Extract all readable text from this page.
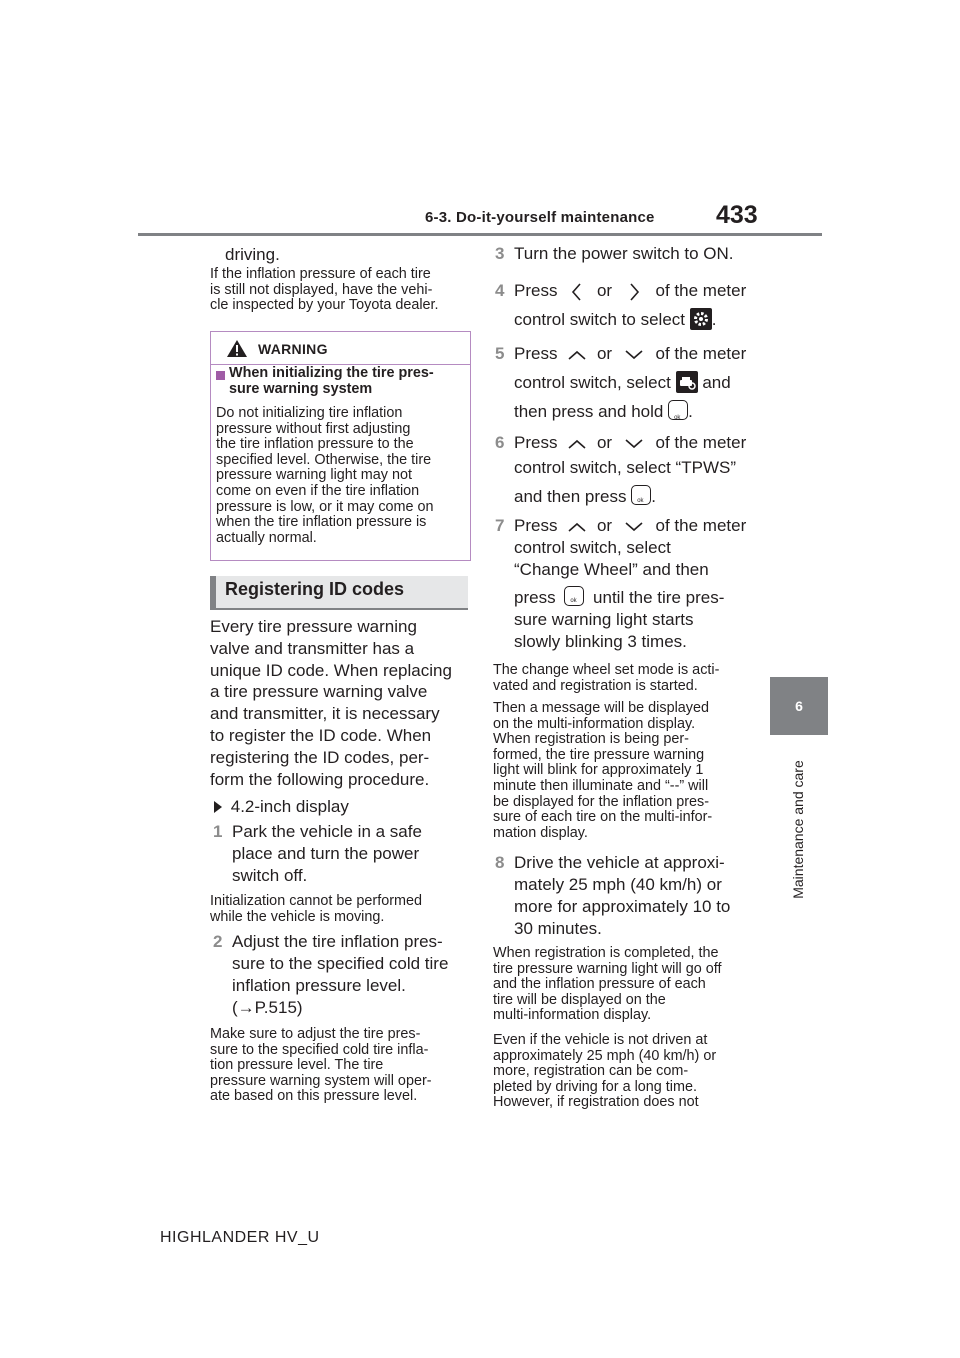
6-3. Do-it-yourself maintenance 433
6
Maintenance and care
driving.
If the inflation pressure of each tire
is still not displayed, have the vehi-
cle inspected by your Toyota dealer.
WARNING
When initializing the tire pres-
sure warning system
Do not initializing tire inflation
pressure without first adjusting
the tire inflation pressure to the
specified level. Otherwise, the tire
pressure warning light may not
come on even if the tire inflation
pressure is low, or it may come on
when the tire inflation pressure is
actually normal.
Registering ID codes
Every tire pressure warning
valve and transmitter has a
unique ID code. When replacing
a tire pressure warning valve
and transmitter, it is necessary
to register the ID code. When
registering the ID codes, per-
form the following procedure.
4.2-inch display
1 Park the vehicle in a safe
place and turn the power
switch off.
Initialization cannot be performed
while the vehicle is moving.
2 Adjust the tire inflation pres-
sure to the specified cold tire
inflation pressure level.
(→P.515)
Make sure to adjust the tire pres-
sure to the specified cold tire infla-
tion pressure level. The tire
pressure warning system will oper-
ate based on this pressure level.
3 Turn the power switch to ON.
4 Press or	of the meter
control switch to select .
5 Press or	of the meter
control switch, select and
then press and hold ok .
6 Press or	of the meter
control switch, select “TPWS”
and then press ok .
7 Press or	of the meter
control switch, select
“Change Wheel” and then
press ok until the tire pres-
sure warning light starts
slowly blinking 3 times.
The change wheel set mode is acti-
vated and registration is started.
Then a message will be displayed
on the multi-information display.
When registration is being per-
formed, the tire pressure warning
light will blink for approximately 1
minute then illuminate and “--” will
be displayed for the inflation pres-
sure of each tire on the multi-infor-
mation display.
8 Drive the vehicle at approxi-
mately 25 mph (40 km/h) or
more for approximately 10 to
30 minutes.
When registration is completed, the
tire pressure warning light will go off
and the inflation pressure of each
tire will be displayed on the
multi-information display.
Even if the vehicle is not driven at
approximately 25 mph (40 km/h) or
more, registration can be com-
pleted by driving for a long time.
However, if registration does not
HIGHLANDER HV_U
